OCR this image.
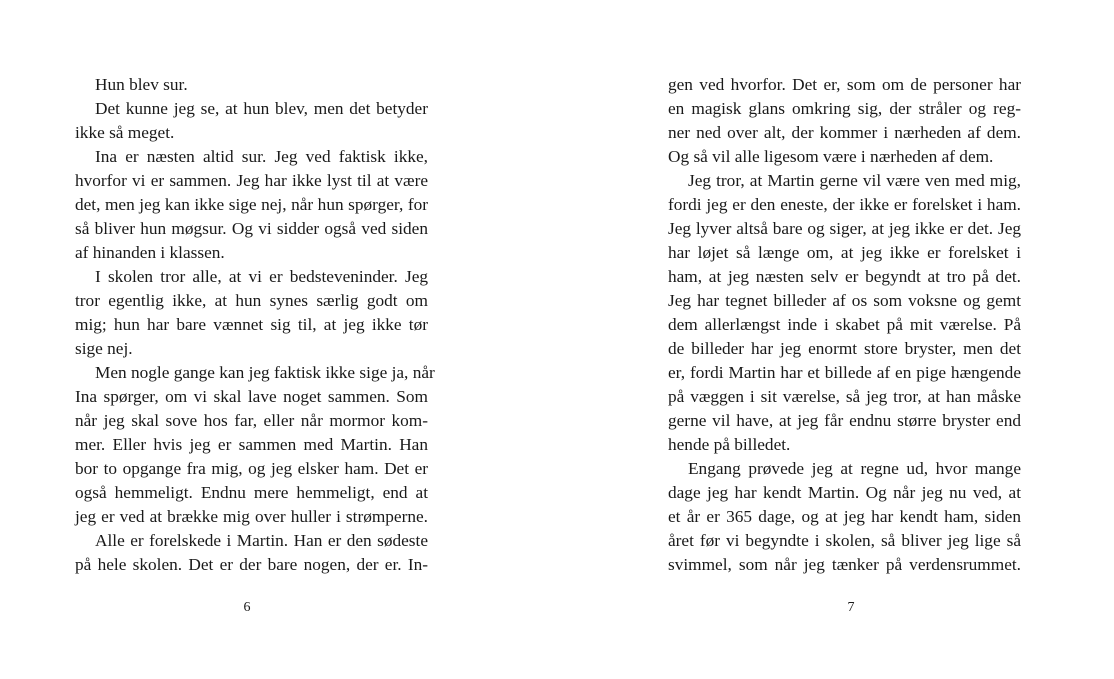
Hun blev sur.
Det kunne jeg se, at hun blev, men det betyder
ikke så meget.
Ina er næsten altid sur. Jeg ved faktisk ikke,
hvorfor vi er sammen. Jeg har ikke lyst til at være
det, men jeg kan ikke sige nej, når hun spørger, for
så bliver hun møgsur. Og vi sidder også ved siden
af hinanden i klassen.
I skolen tror alle, at vi er bedsteveninder. Jeg
tror egentlig ikke, at hun synes særlig godt om
mig; hun har bare vænnet sig til, at jeg ikke tør
sige nej.
Men nogle gange kan jeg faktisk ikke sige ja, når
Ina spørger, om vi skal lave noget sammen. Som
når jeg skal sove hos far, eller når mormor kom-
mer. Eller hvis jeg er sammen med Martin. Han
bor to opgange fra mig, og jeg elsker ham. Det er
også hemmeligt. Endnu mere hemmeligt, end at
jeg er ved at brække mig over huller i strømperne.
Alle er forelskede i Martin. Han er den sødeste
på hele skolen. Det er der bare nogen, der er. In-
6
gen ved hvorfor. Det er, som om de personer har
en magisk glans omkring sig, der stråler og reg-
ner ned over alt, der kommer i nærheden af dem.
Og så vil alle ligesom være i nærheden af dem.
Jeg tror, at Martin gerne vil være ven med mig,
fordi jeg er den eneste, der ikke er forelsket i ham.
Jeg lyver altså bare og siger, at jeg ikke er det. Jeg
har løjet så længe om, at jeg ikke er forelsket i
ham, at jeg næsten selv er begyndt at tro på det.
Jeg har tegnet billeder af os som voksne og gemt
dem allerlængst inde i skabet på mit værelse. På
de billeder har jeg enormt store bryster, men det
er, fordi Martin har et billede af en pige hængende
på væggen i sit værelse, så jeg tror, at han måske
gerne vil have, at jeg får endnu større bryster end
hende på billedet.
Engang prøvede jeg at regne ud, hvor mange
dage jeg har kendt Martin. Og når jeg nu ved, at
et år er 365 dage, og at jeg har kendt ham, siden
året før vi begyndte i skolen, så bliver jeg lige så
svimmel, som når jeg tænker på verdensrummet.
7
